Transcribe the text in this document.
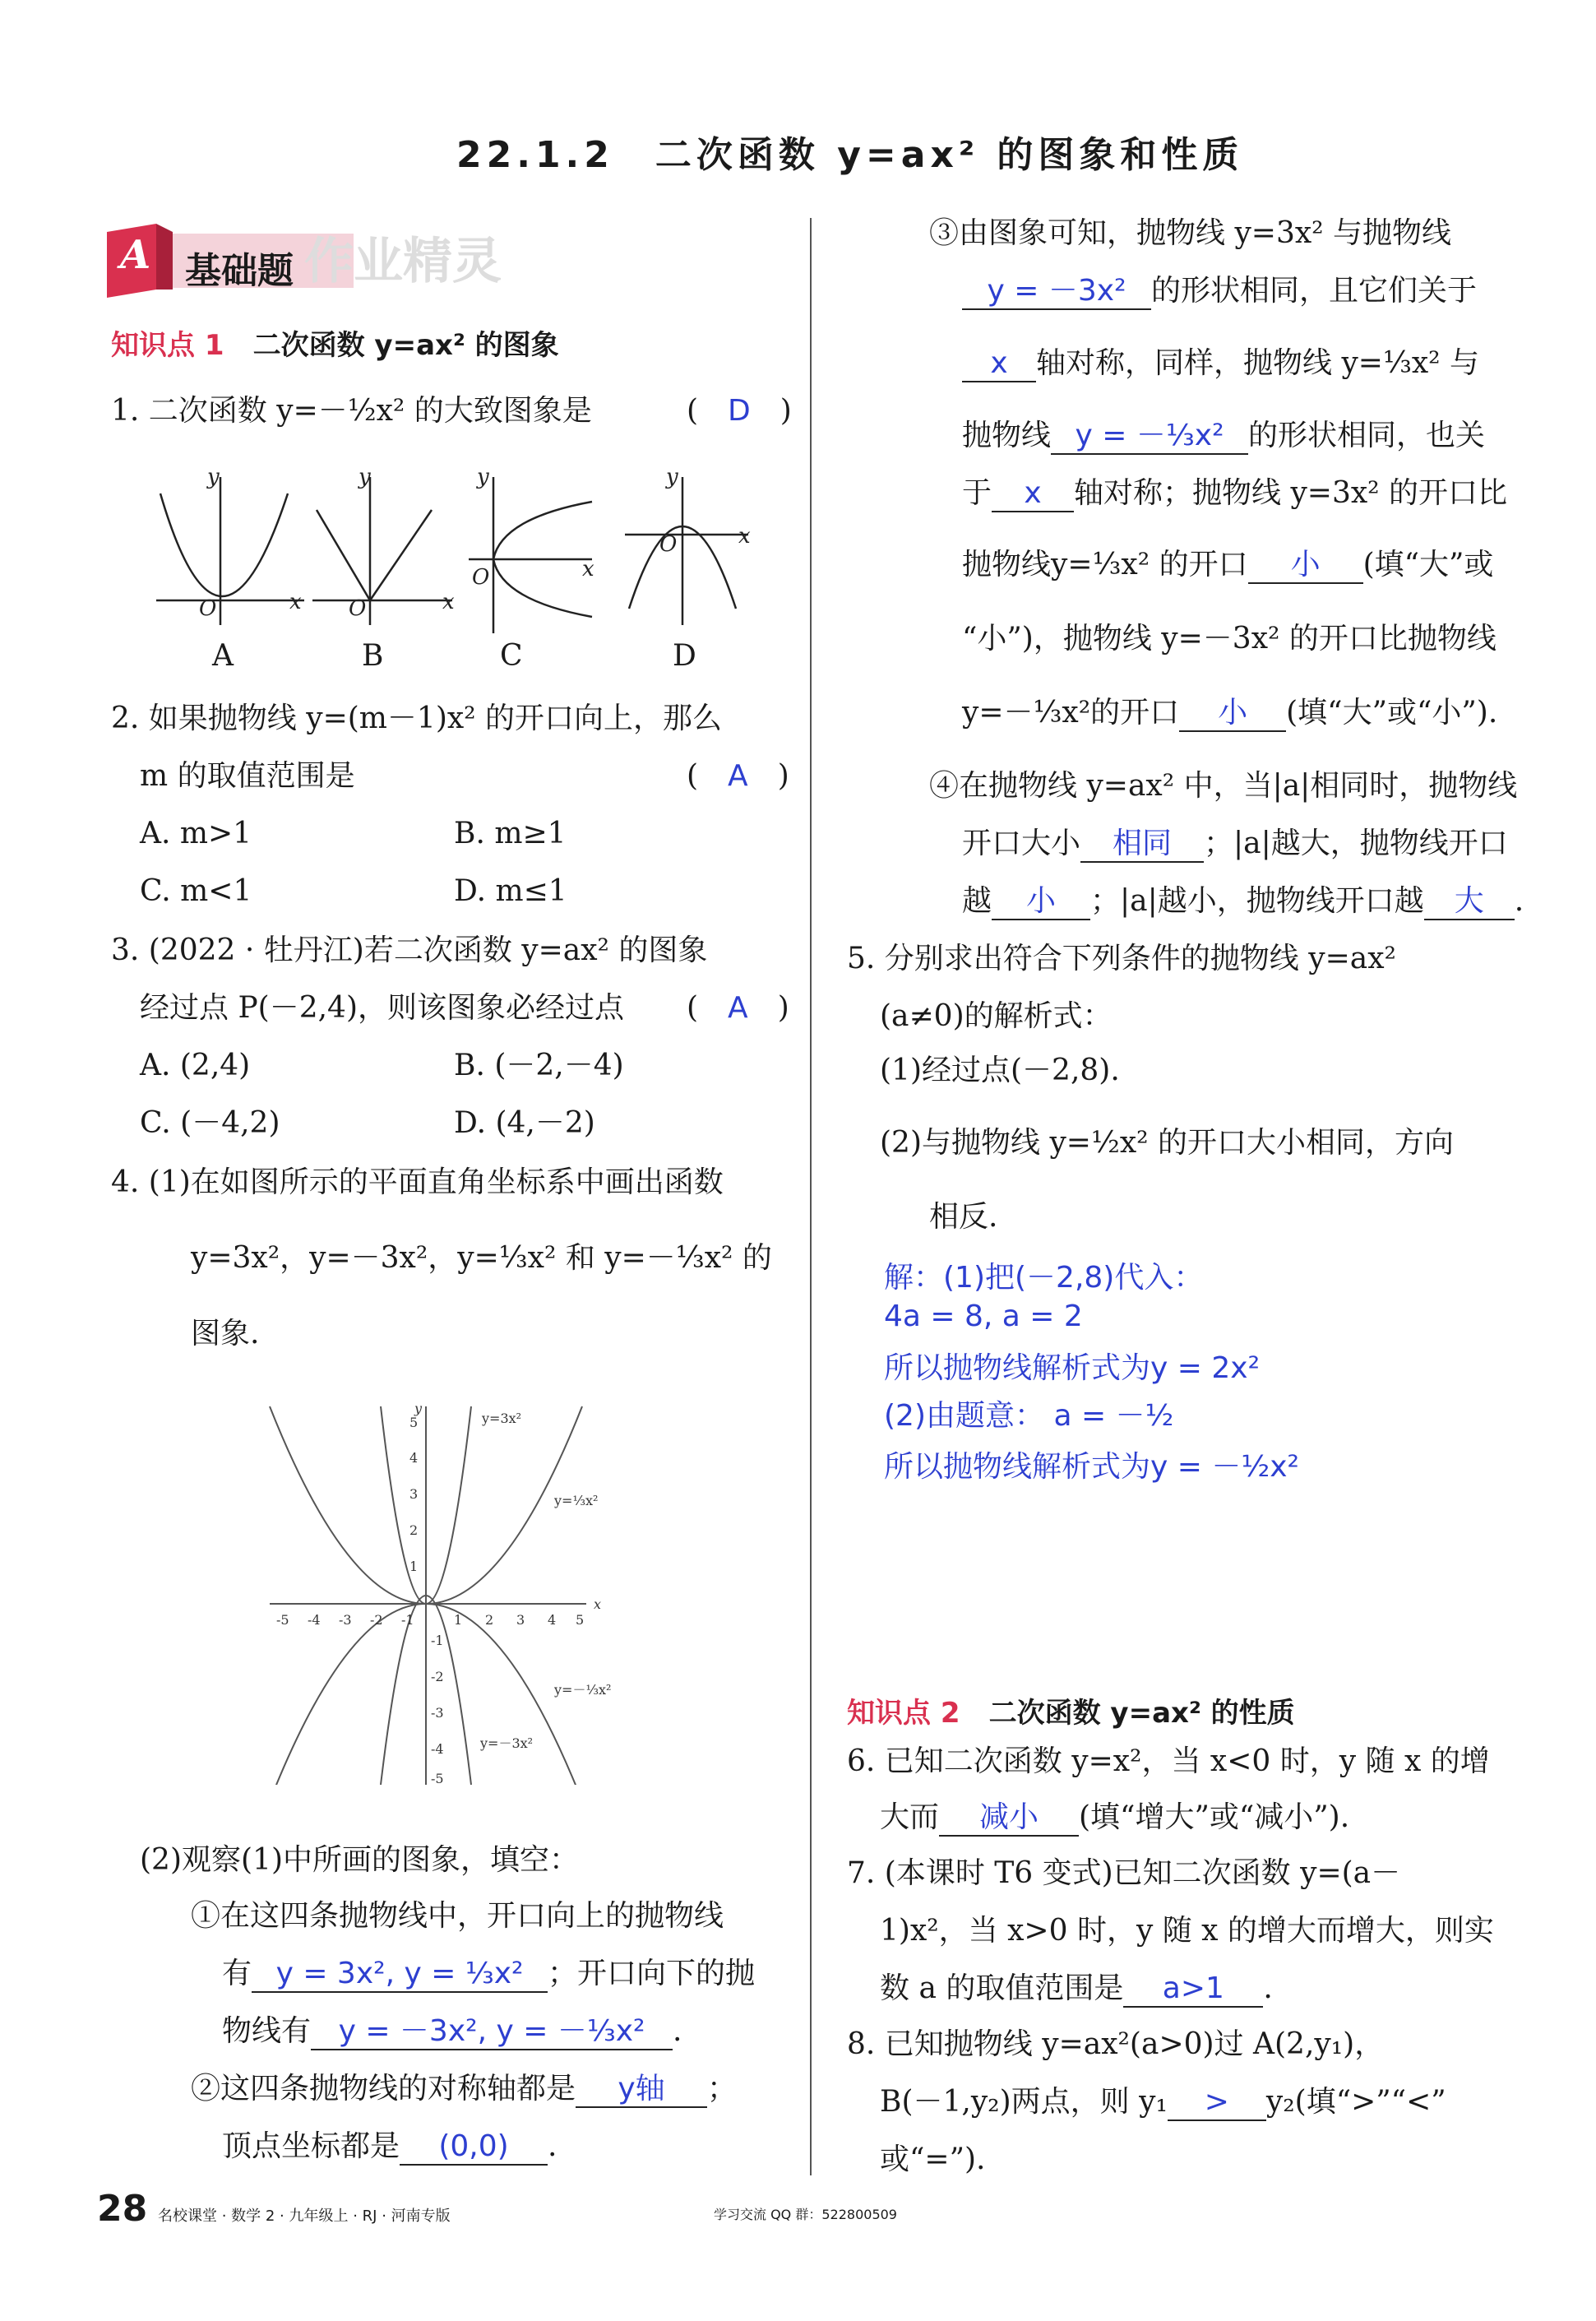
22.1.2　二次函数 y=ax² 的图象和性质
A 基础题 作业精灵
知识点 1 二次函数 y=ax² 的图象
1. 二次函数 y=－½x² 的大致图象是	(　D　)
O	x
y
O	x
y
O	x
y
O	x
y
A	B	C	D
2. 如果抛物线 y=(m－1)x² 的开口向上，那么
m 的取值范围是	(　A　)
A. m>1	B. m≥1
C. m<1	D. m≤1
3. (2022 · 牡丹江)若二次函数 y=ax² 的图象
经过点 P(－2,4)，则该图象必经过点 (　A　)
A. (2,4)	B. (－2,－4)
C. (－4,2)	D. (4,－2)
4. (1)在如图所示的平面直角坐标系中画出函数
y=3x²，y=－3x²，y=⅓x² 和 y=－⅓x² 的
图象.
-5 -4 -3 -2 -1	1 2 3 4 5
x
5
4
3
2
1
-1
-2
-3
-4
-5
y
y=3x²
y=⅓x²
y=－⅓x²
y=－3x²
(2)观察(1)中所画的图象，填空：
①在这四条抛物线中，开口向上的抛物线
有 y = 3x², y = ⅓x² ；开口向下的抛
物线有 y = －3x², y = －⅓x² .
②这四条抛物线的对称轴都是 y轴 ；
顶点坐标都是 (0,0) .
③由图象可知，抛物线 y=3x² 与抛物线
y = －3x² 的形状相同，且它们关于
x 轴对称，同样，抛物线 y=⅓x² 与
抛物线 y = －⅓x² 的形状相同，也关
于 x 轴对称；抛物线 y=3x² 的开口比
抛物线y=⅓x² 的开口 小 (填“大”或
“小”)，抛物线 y=－3x² 的开口比抛物线
y=－⅓x²的开口 小 (填“大”或“小”).
④在抛物线 y=ax² 中，当|a|相同时，抛物线
开口大小 相同 ；|a|越大，抛物线开口
越 小 ；|a|越小，抛物线开口越 大 .
5. 分别求出符合下列条件的抛物线 y=ax²
(a≠0)的解析式：
(1)经过点(－2,8).
(2)与抛物线 y=½x² 的开口大小相同，方向
相反.
解：(1)把(－2,8)代入：
4a = 8, a = 2
所以抛物线解析式为y = 2x²
(2)由题意： a = －½
所以抛物线解析式为y = －½x²
知识点 2 二次函数 y=ax² 的性质
6. 已知二次函数 y=x²，当 x<0 时，y 随 x 的增
大而 减小 (填“增大”或“减小”).
7. (本课时 T6 变式)已知二次函数 y=(a－
1)x²，当 x>0 时，y 随 x 的增大而增大，则实
数 a 的取值范围是 a>1 .
8. 已知抛物线 y=ax²(a>0)过 A(2,y₁)，
B(－1,y₂)两点，则 y₁ > y₂(填“>”“<”
或“=”).
28 名校课堂 · 数学 2 · 九年级上 · RJ · 河南专版	学习交流 QQ 群：522800509
